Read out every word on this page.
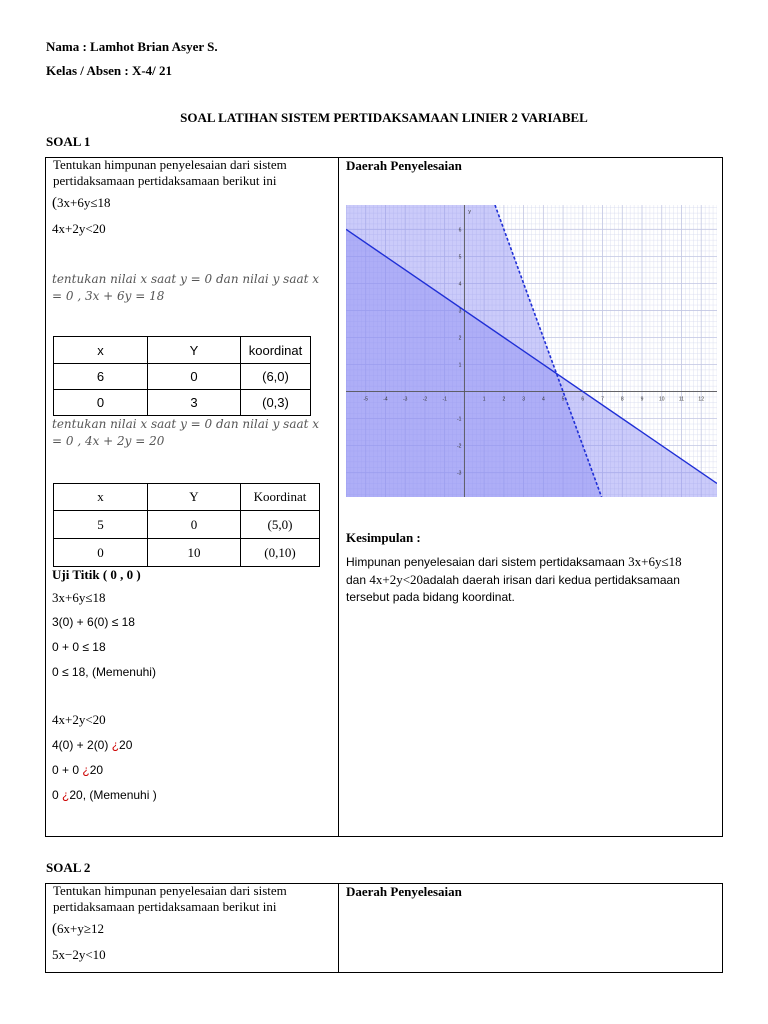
Nama : Lamhot Brian Asyer S.
Kelas / Absen : X-4/ 21
SOAL LATIHAN SISTEM PERTIDAKSAMAAN LINIER 2 VARIABEL
SOAL 1
Tentukan himpunan penyelesaian dari sistem
pertidaksamaan pertidaksamaan berikut ini
(3x+6y≤18
4x+2y<20
tentukan nilai x saat y = 0 dan nilai y saat x
= 0 , 3x + 6y = 18
x	Y	koordinat
6	0	(6,0)
0	3	(0,3)
tentukan nilai x saat y = 0 dan nilai y saat x
= 0 , 4x + 2y = 20
x	Y	Koordinat
5	0	(5,0)
0	10	(0,10)
Uji Titik ( 0 , 0 )
3x+6y≤18
3(0) + 6(0) ≤ 18
0 + 0 ≤ 18
0 ≤ 18, (Memenuhi)
4x+2y<20
4(0) + 2(0) ¿20
0 + 0 ¿20
0 ¿20, (Memenuhi )
Daerah Penyelesaian
-5	-4	-3	-2	-1	1	2	3	4	5	6	7	8	9	10	11	12
-3
-2
-1
1
2
3
4
5
6
y
Kesimpulan :
Himpunan penyelesaian dari sistem pertidaksamaan 3x+6y≤18
dan 4x+2y<20adalah daerah irisan dari kedua pertidaksamaan
tersebut pada bidang koordinat.
SOAL 2
Tentukan himpunan penyelesaian dari sistem
pertidaksamaan pertidaksamaan berikut ini
(6x+y≥12
5x−2y<10
Daerah Penyelesaian
